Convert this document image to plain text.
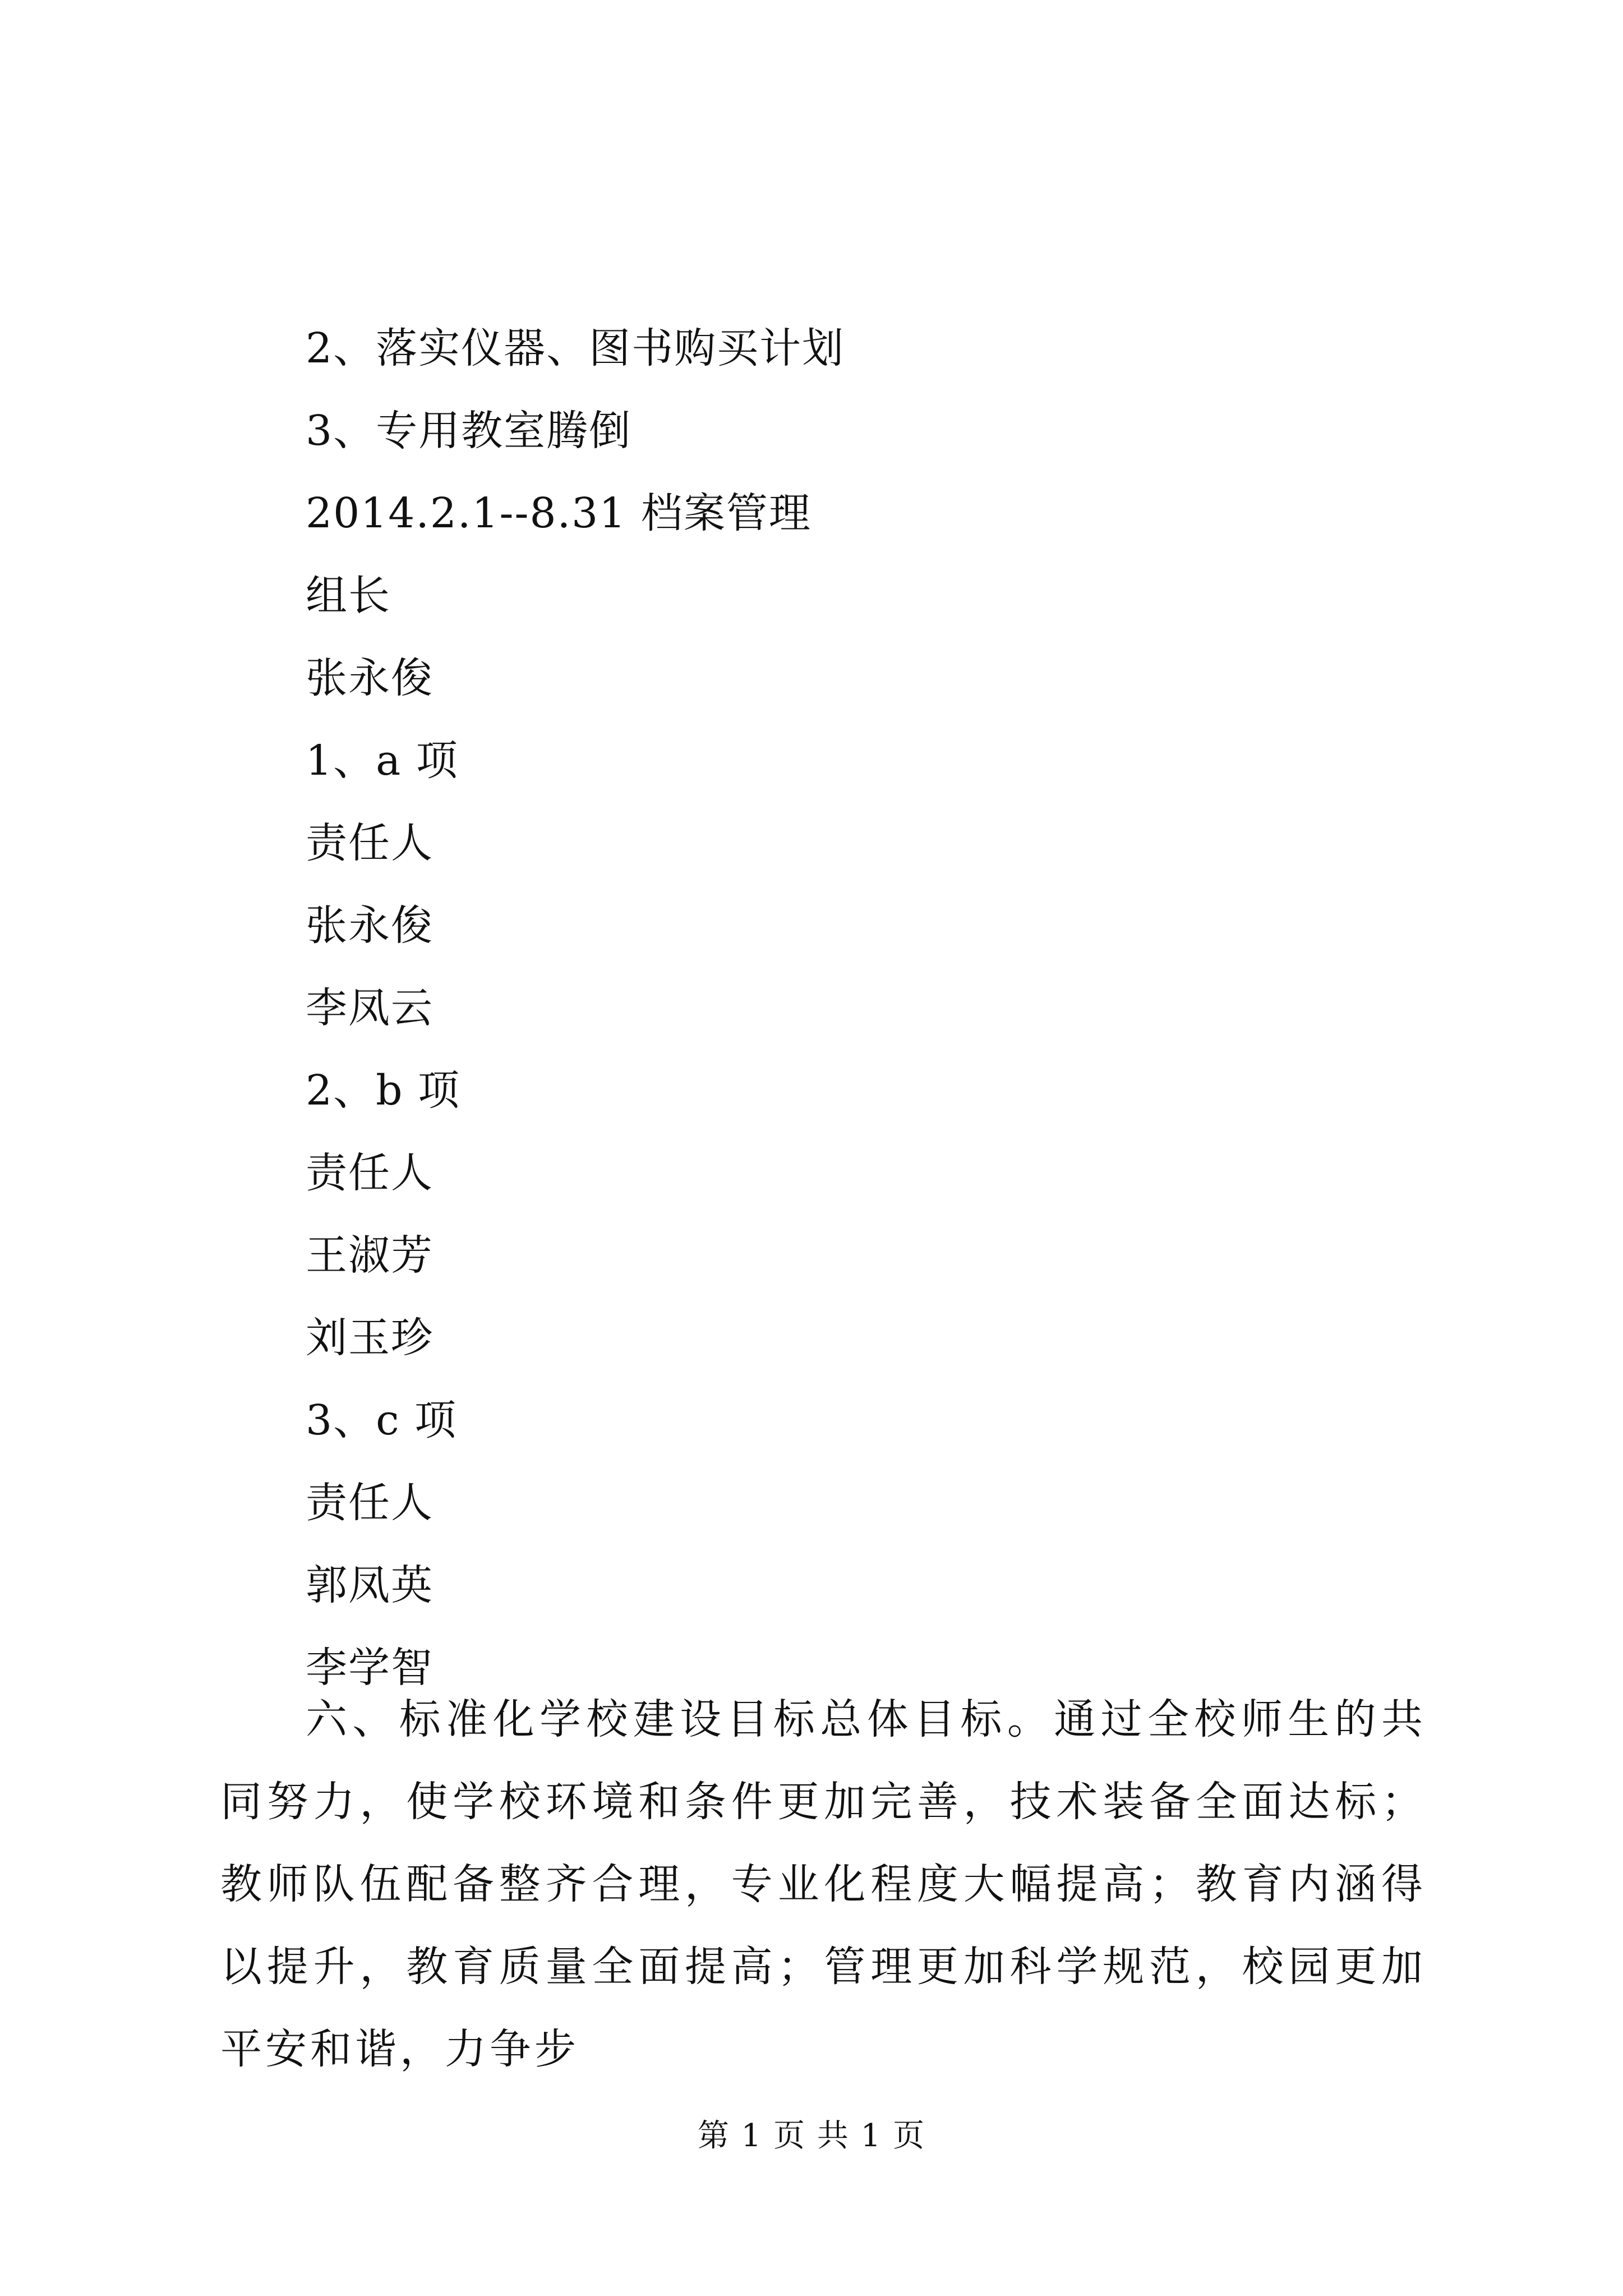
2、落实仪器、图书购买计划
3、专用教室腾倒
2014.2.1--8.31 档案管理
组长
张永俊
1、a 项
责任人
张永俊
李凤云
2、b 项
责任人
王淑芳
刘玉珍
3、c 项
责任人
郭凤英
李学智
六、标准化学校建设目标总体目标。通过全校师生的共同努力，使学校环境和条件更加完善，技术装备全面达标；教师队伍配备整齐合理，专业化程度大幅提高；教育内涵得以提升，教育质量全面提高；管理更加科学规范，校园更加平安和谐，力争步
第 1 页 共 1 页
